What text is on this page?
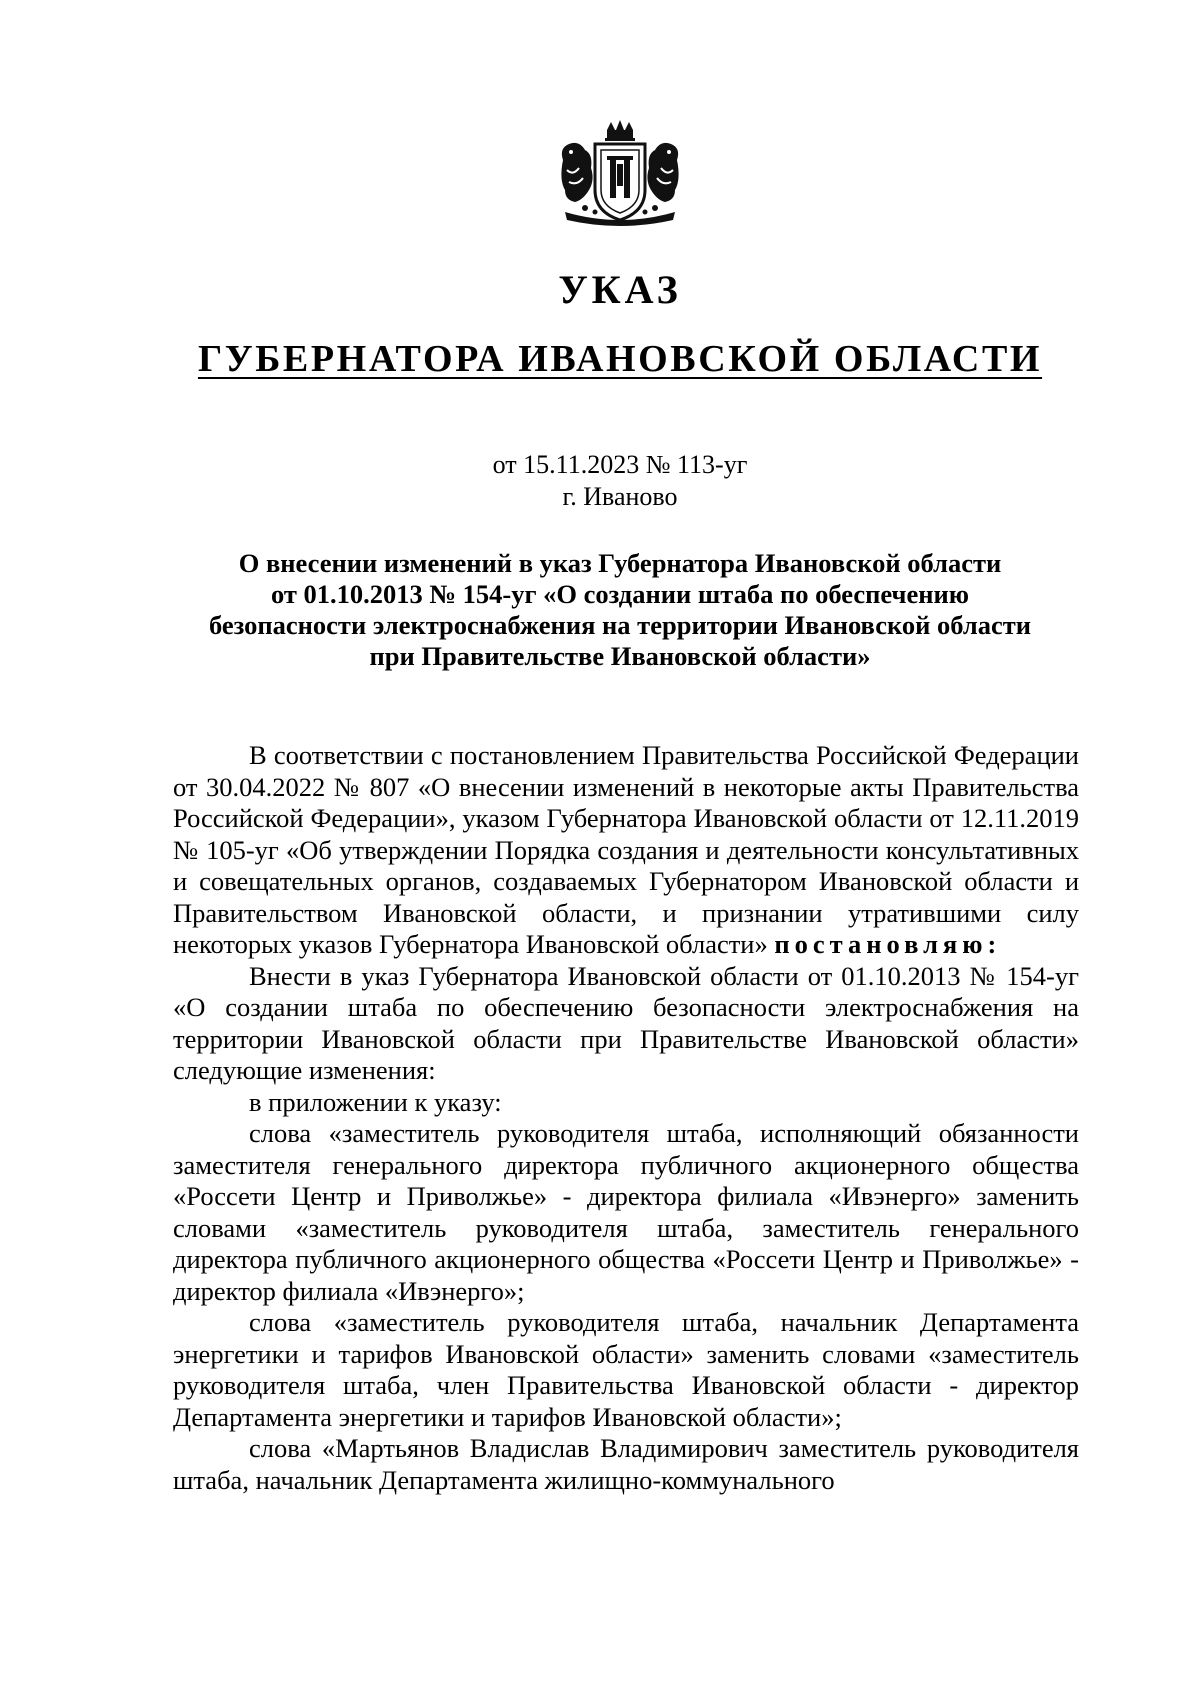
УКАЗ
ГУБЕРНАТОРА ИВАНОВСКОЙ ОБЛАСТИ
от 15.11.2023 № 113-уг
г. Иваново
О внесении изменений в указ Губернатора Ивановской области
от 01.10.2013 № 154-уг «О создании штаба по обеспечению
безопасности электроснабжения на территории Ивановской области
при Правительстве Ивановской области»

В соответствии с постановлением Правительства Российской Федерации от 30.04.2022 № 807 «О внесении изменений в некоторые акты Правительства Российской Федерации», указом Губернатора Ивановской области от 12.11.2019 № 105-уг «Об утверждении Порядка создания и деятельности консультативных и совещательных органов, создаваемых Губернатором Ивановской области и Правительством Ивановской области, и признании утратившими силу некоторых указов Губернатора Ивановской области» постановляю:

Внести в указ Губернатора Ивановской области от 01.10.2013 № 154-уг «О создании штаба по обеспечению безопасности электроснабжения на территории Ивановской области при Правительстве Ивановской области» следующие изменения:

в приложении к указу:

слова «заместитель руководителя штаба, исполняющий обязанности заместителя генерального директора публичного акционерного общества «Россети Центр и Приволжье» - директора филиала «Ивэнерго» заменить словами «заместитель руководителя штаба, заместитель генерального директора публичного акционерного общества «Россети Центр и Приволжье» - директор филиала «Ивэнерго»;

слова «заместитель руководителя штаба, начальник Департамента энергетики и тарифов Ивановской области» заменить словами «заместитель руководителя штаба, член Правительства Ивановской области - директор Департамента энергетики и тарифов Ивановской области»;

слова «Мартьянов Владислав Владимирович заместитель руководителя штаба, начальник Департамента жилищно-коммунального
